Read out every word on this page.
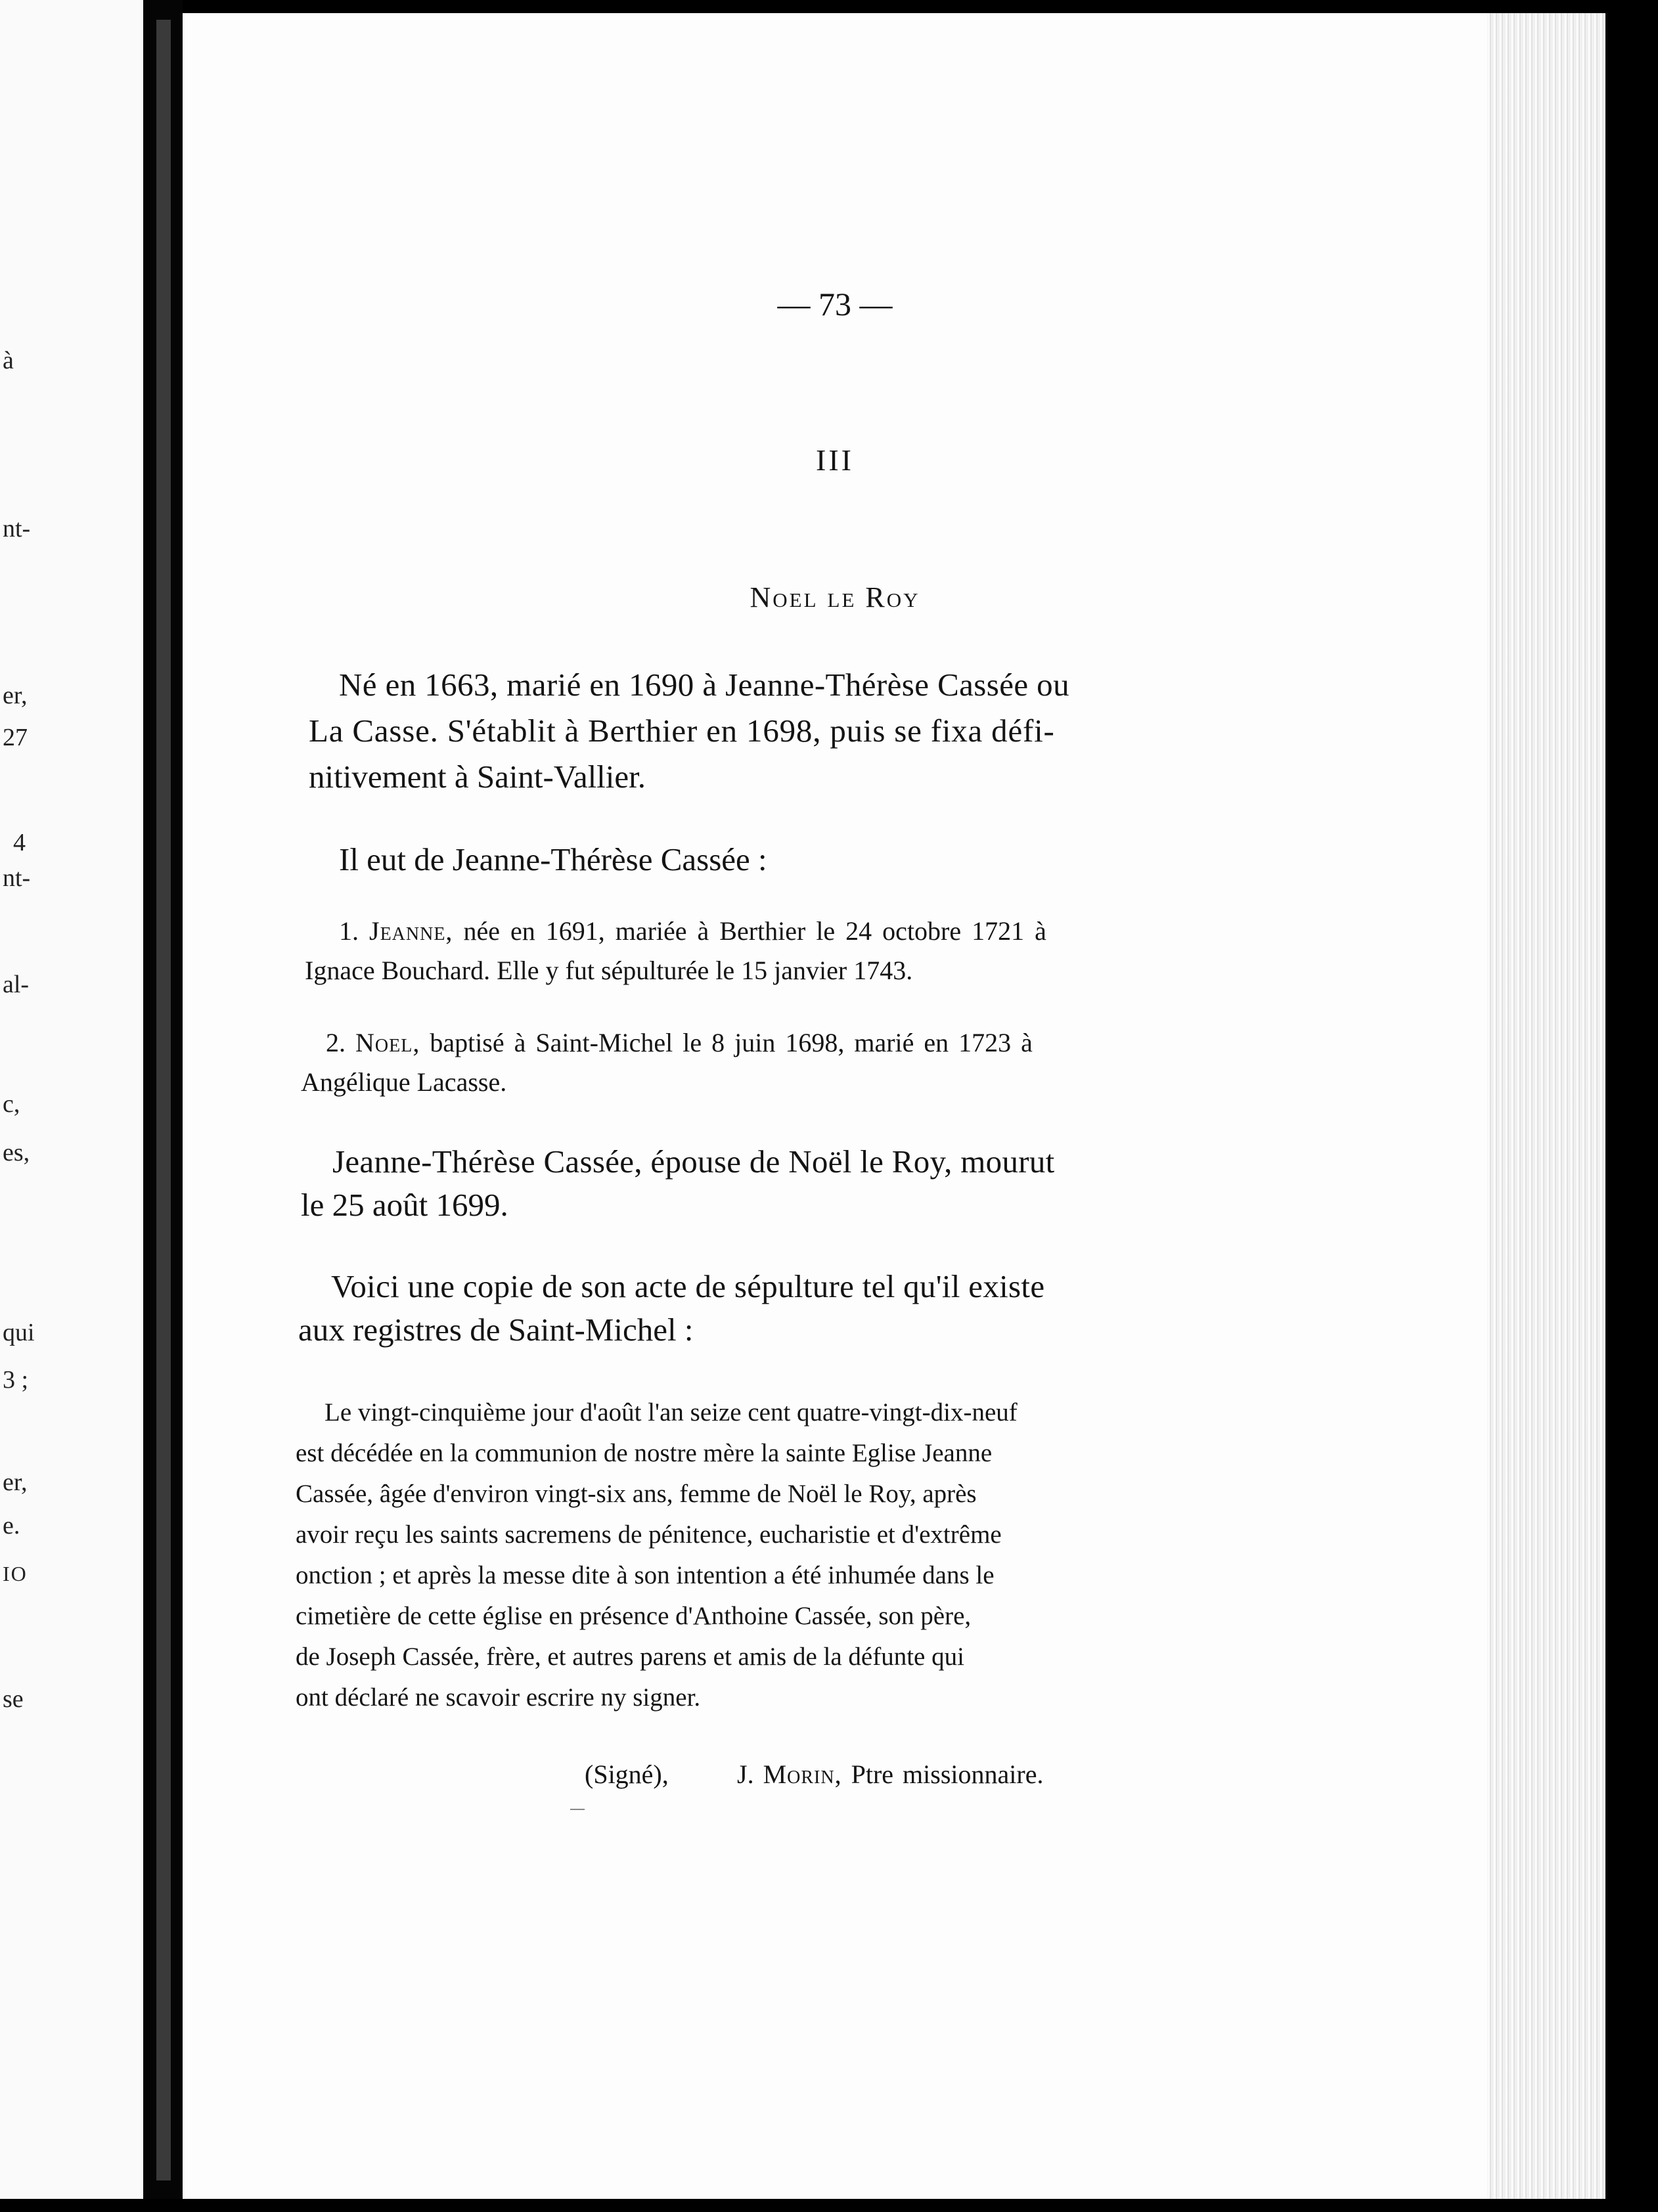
à
nt-
er,
27
4
nt-
al-
c,
es,
qui
3 ;
er,
e.
IO
se
— 73 —
III
Noel le Roy
Né en 1663, marié en 1690 à Jeanne-Thérèse Cassée ou
La Casse. S'établit à Berthier en 1698, puis se fixa défi-
nitivement à Saint-Vallier.
Il eut de Jeanne-Thérèse Cassée :
1. Jeanne, née en 1691, mariée à Berthier le 24 octobre 1721 à
Ignace Bouchard. Elle y fut sépulturée le 15 janvier 1743.
2. Noel, baptisé à Saint-Michel le 8 juin 1698, marié en 1723 à
Angélique Lacasse.
Jeanne-Thérèse Cassée, épouse de Noël le Roy, mourut
le 25 août 1699.
Voici une copie de son acte de sépulture tel qu'il existe
aux registres de Saint-Michel :
Le vingt-cinquième jour d'août l'an seize cent quatre-vingt-dix-neuf
est décédée en la communion de nostre mère la sainte Eglise Jeanne
Cassée, âgée d'environ vingt-six ans, femme de Noël le Roy, après
avoir reçu les saints sacremens de pénitence, eucharistie et d'extrême
onction ; et après la messe dite à son intention a été inhumée dans le
cimetière de cette église en présence d'Anthoine Cassée, son père,
de Joseph Cassée, frère, et autres parens et amis de la défunte qui
ont déclaré ne scavoir escrire ny signer.
(Signé),	J. Morin, Ptre missionnaire.
